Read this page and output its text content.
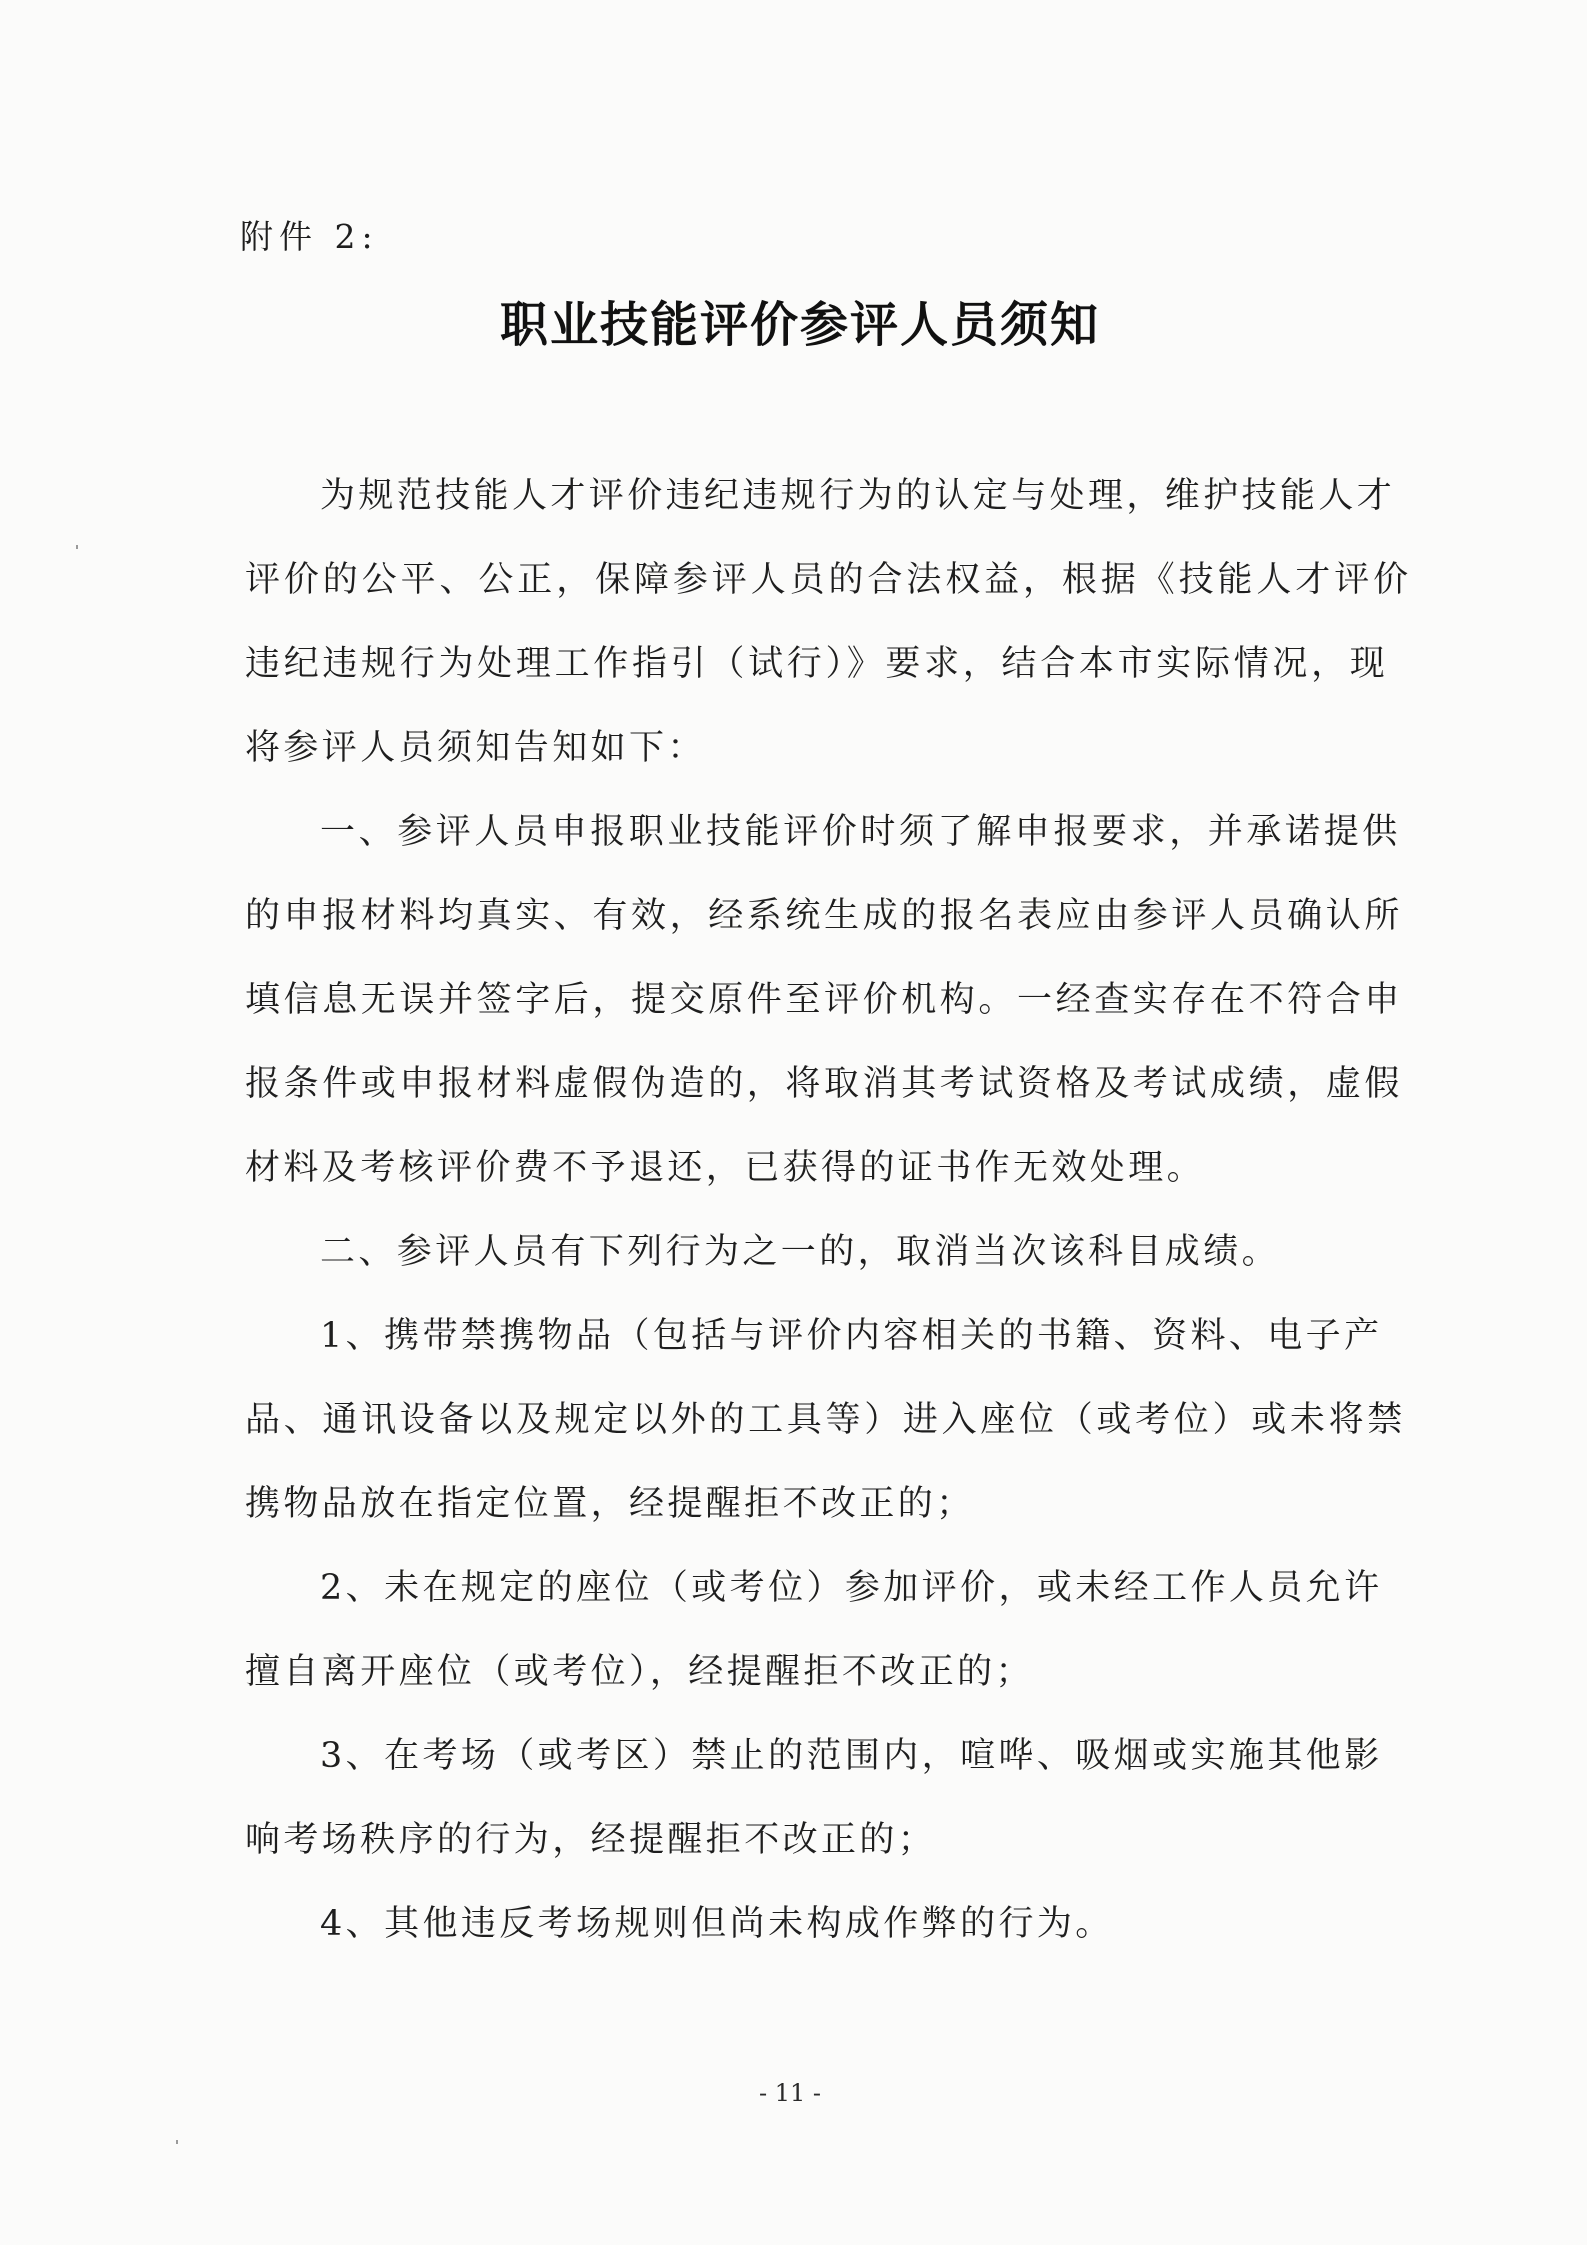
附件 2:
职业技能评价参评人员须知
为规范技能人才评价违纪违规行为的认定与处理，维护技能人才
评价的公平、公正，保障参评人员的合法权益，根据《技能人才评价
违纪违规行为处理工作指引（试行）》要求，结合本市实际情况，现
将参评人员须知告知如下：
一、参评人员申报职业技能评价时须了解申报要求，并承诺提供
的申报材料均真实、有效，经系统生成的报名表应由参评人员确认所
填信息无误并签字后，提交原件至评价机构。一经查实存在不符合申
报条件或申报材料虚假伪造的，将取消其考试资格及考试成绩，虚假
材料及考核评价费不予退还，已获得的证书作无效处理。
二、参评人员有下列行为之一的，取消当次该科目成绩。
1、携带禁携物品（包括与评价内容相关的书籍、资料、电子产
品、通讯设备以及规定以外的工具等）进入座位（或考位）或未将禁
携物品放在指定位置，经提醒拒不改正的；
2、未在规定的座位（或考位）参加评价，或未经工作人员允许
擅自离开座位（或考位），经提醒拒不改正的；
3、在考场（或考区）禁止的范围内，喧哗、吸烟或实施其他影
响考场秩序的行为，经提醒拒不改正的；
4、其他违反考场规则但尚未构成作弊的行为。
- 11 -
